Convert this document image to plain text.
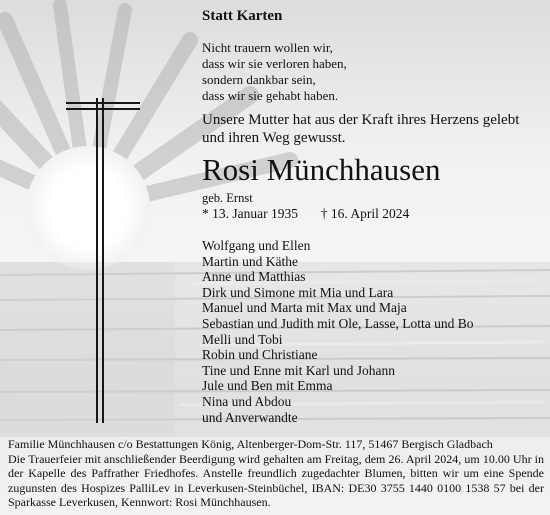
Statt Karten
Nicht trauern wollen wir,
dass wir sie verloren haben,
sondern dankbar sein,
dass wir sie gehabt haben.
Unsere Mutter hat aus der Kraft ihres Herzens gelebt und ihren Weg gewusst.
Rosi Münchhausen
geb. Ernst
* 13. Januar 1935 † 16. April 2024
Wolfgang und Ellen
Martin und Käthe
Anne und Matthias
Dirk und Simone mit Mia und Lara
Manuel und Marta mit Max und Maja
Sebastian und Judith mit Ole, Lasse, Lotta und Bo
Melli und Tobi
Robin und Christiane
Tine und Enne mit Karl und Johann
Jule und Ben mit Emma
Nina und Abdou
und Anverwandte
Familie Münchhausen c/o Bestattungen König, Altenberger-Dom-Str. 117, 51467 Bergisch Gladbach
Die Trauerfeier mit anschließender Beerdigung wird gehalten am Freitag, dem 26. April 2024, um 10.00 Uhr in der Kapelle des Paffrather Friedhofes. Anstelle freundlich zugedachter Blumen, bitten wir um eine Spende zugunsten des Hospizes PalliLev in Leverkusen-Steinbüchel, IBAN: DE30 3755 1440 0100 1538 57 bei der Sparkasse Leverkusen, Kennwort: Rosi Münchhausen.
